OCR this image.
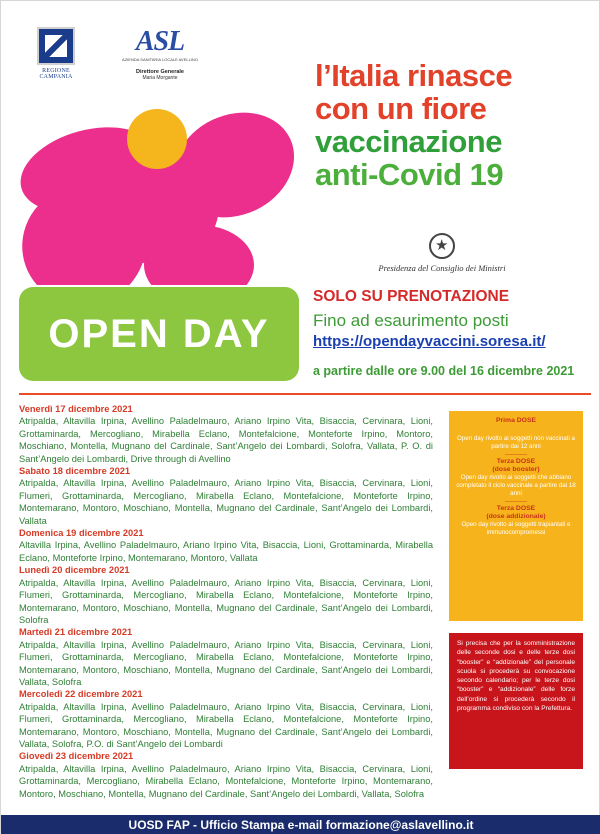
REGIONE CAMPANIA
ASL
AZIENDA SANITARIA LOCALE AVELLINO
Direttore Generale
Maria Morgante	l’Italia rinasce
con un fiore
vaccinazione
anti-Covid 19
★
Presidenza del Consiglio dei Ministri
OPEN DAY
SOLO SU PRENOTAZIONE
Fino ad esaurimento posti
https://opendayvaccini.soresa.it/
a partire dalle ore 9.00 del 16 dicembre 2021
Venerdì 17 dicembre 2021
Atripalda, Altavilla Irpina, Avellino Paladelmauro, Ariano Irpino Vita, Bisaccia, Cervinara, Lioni, Grottaminarda, Mercogliano, Mirabella Eclano, Montefalcione, Monteforte Irpino, Montoro, Moschiano, Montella, Mugnano del Cardinale, Sant’Angelo dei Lombardi, Solofra, Vallata, P. O. di Sant’Angelo dei Lombardi, Drive through di Avellino
Sabato 18 dicembre 2021
Atripalda, Altavilla Irpina, Avellino Paladelmauro, Ariano Irpino Vita, Bisaccia, Cervinara, Lioni, Flumeri, Grottaminarda, Mercogliano, Mirabella Eclano, Montefalcione, Monteforte Irpino, Montemarano, Montoro, Moschiano, Montella, Mugnano del Cardinale, Sant’Angelo dei Lombardi, Vallata
Domenica 19 dicembre 2021
Altavilla Irpina, Avellino Paladelmauro, Ariano Irpino Vita, Bisaccia, Lioni, Grottaminarda, Mirabella Eclano, Monteforte Irpino, Montemarano, Montoro, Vallata
Lunedì 20 dicembre 2021
Atripalda, Altavilla Irpina, Avellino Paladelmauro, Ariano Irpino Vita, Bisaccia, Cervinara, Lioni, Flumeri, Grottaminarda, Mercogliano, Mirabella Eclano, Montefalcione, Monteforte Irpino, Montemarano, Montoro, Moschiano, Montella, Mugnano del Cardinale, Sant’Angelo dei Lombardi, Solofra
Martedì 21 dicembre 2021
Atripalda, Altavilla Irpina, Avellino Paladelmauro, Ariano Irpino Vita, Bisaccia, Cervinara, Lioni, Flumeri, Grottaminarda, Mercogliano, Mirabella Eclano, Montefalcione, Monteforte Irpino, Montemarano, Montoro, Moschiano, Montella, Mugnano del Cardinale, Sant’Angelo dei Lombardi, Vallata, Solofra
Mercoledì 22 dicembre 2021
Atripalda, Altavilla Irpina, Avellino Paladelmauro, Ariano Irpino Vita, Bisaccia, Cervinara, Lioni, Flumeri, Grottaminarda, Mercogliano, Mirabella Eclano, Montefalcione, Monteforte Irpino, Montemarano, Montoro, Moschiano, Montella, Mugnano del Cardinale, Sant’Angelo dei Lombardi, Vallata, Solofra, P.O. di Sant’Angelo dei Lombardi
Giovedì 23 dicembre 2021
Atripalda, Altavilla Irpina, Avellino Paladelmauro, Ariano Irpino Vita, Bisaccia, Cervinara, Lioni, Grottaminarda, Mercogliano, Mirabella Eclano, Montefalcione, Monteforte Irpino, Montemarano, Montoro, Moschiano, Montella, Mugnano del Cardinale, Sant’Angelo dei Lombardi, Vallata, Solofra

Prima DOSE

Open day rivolto ai soggetti non vaccinati a partire dai 12 anni

-----------

Terza DOSE

(dose booster)

Open day rivolto ai soggetti che abbiano completato il ciclo vaccinale a partire dai 18 anni

-----------

Terza DOSE

(dose addizionale)

Open day rivolto ai soggetti trapiantati e immunocompromessi

Si precisa che per la somministrazione delle seconde dosi e delle terze dosi “booster” e “addizionale” del personale scuola si procederà su convocazione secondo calendario; per le terze dosi “booster” e “addizionale” delle forze dell’ordine si procederà secondo il programma condiviso con la Prefettura.

UOSD FAP - Ufficio Stampa e-mail formazione@aslavellino.it
